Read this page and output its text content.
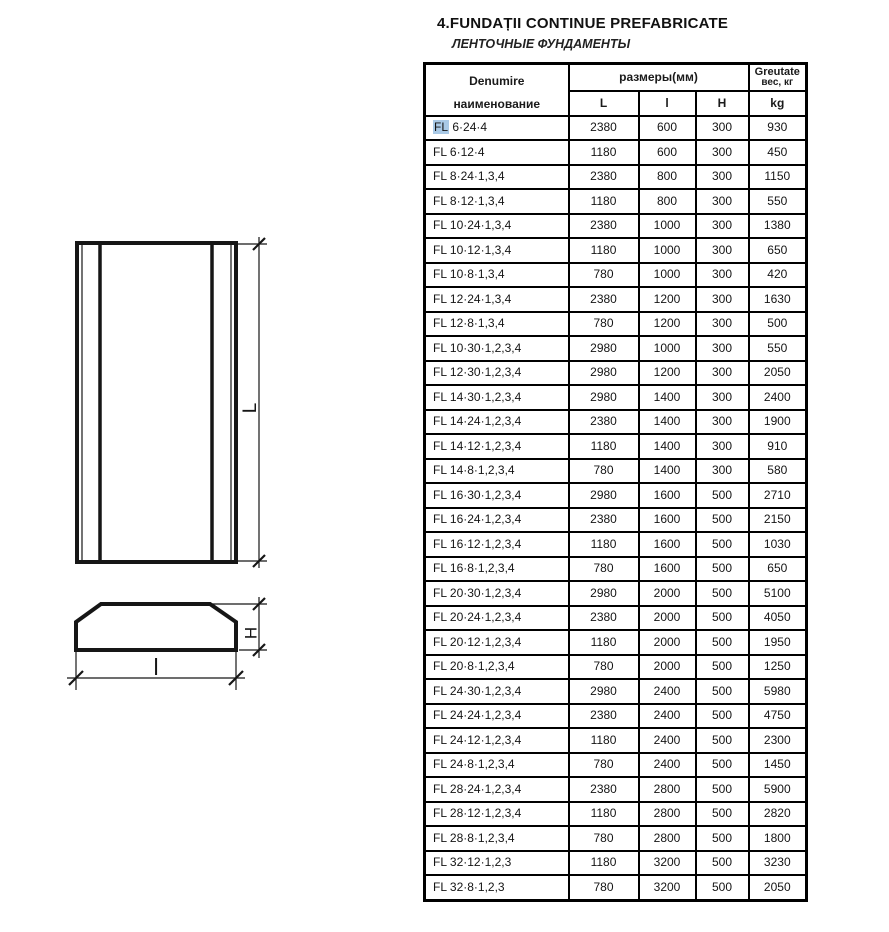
4.FUNDAȚII CONTINUE PREFABRICATE
ЛЕНТОЧНЫЕ ФУНДАМЕНТЫ
L
H
l
Denumire
наименование
	размеры(мм)	Greutate
вес, кг

	L	l	H	kg
FL 6·24·4	2380	600	300	930
FL 6·12·4	1180	600	300	450
FL 8·24·1,3,4	2380	800	300	1150
FL 8·12·1,3,4	1180	800	300	550
FL 10·24·1,3,4	2380	1000	300	1380
FL 10·12·1,3,4	1180	1000	300	650
FL 10·8·1,3,4	780	1000	300	420
FL 12·24·1,3,4	2380	1200	300	1630
FL 12·8·1,3,4	780	1200	300	500
FL 10·30·1,2,3,4	2980	1000	300	550
FL 12·30·1,2,3,4	2980	1200	300	2050
FL 14·30·1,2,3,4	2980	1400	300	2400
FL 14·24·1,2,3,4	2380	1400	300	1900
FL 14·12·1,2,3,4	1180	1400	300	910
FL 14·8·1,2,3,4	780	1400	300	580
FL 16·30·1,2,3,4	2980	1600	500	2710
FL 16·24·1,2,3,4	2380	1600	500	2150
FL 16·12·1,2,3,4	1180	1600	500	1030
FL 16·8·1,2,3,4	780	1600	500	650
FL 20·30·1,2,3,4	2980	2000	500	5100
FL 20·24·1,2,3,4	2380	2000	500	4050
FL 20·12·1,2,3,4	1180	2000	500	1950
FL 20·8·1,2,3,4	780	2000	500	1250
FL 24·30·1,2,3,4	2980	2400	500	5980
FL 24·24·1,2,3,4	2380	2400	500	4750
FL 24·12·1,2,3,4	1180	2400	500	2300
FL 24·8·1,2,3,4	780	2400	500	1450
FL 28·24·1,2,3,4	2380	2800	500	5900
FL 28·12·1,2,3,4	1180	2800	500	2820
FL 28·8·1,2,3,4	780	2800	500	1800
FL 32·12·1,2,3	1180	3200	500	3230
FL 32·8·1,2,3	780	3200	500	2050
